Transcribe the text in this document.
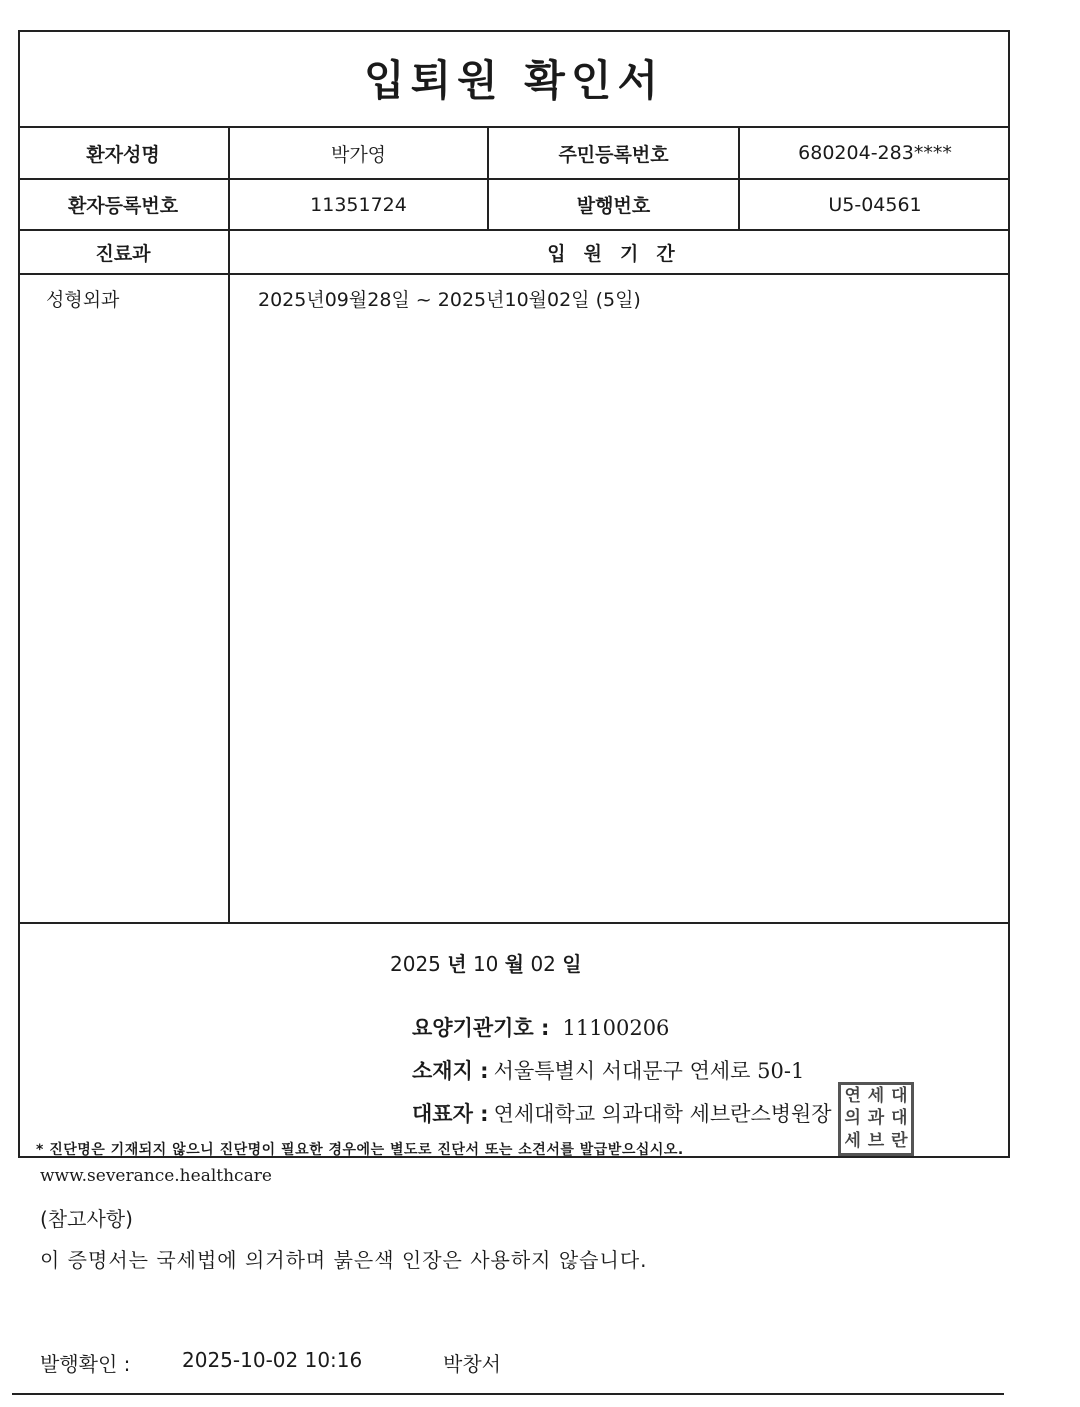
입퇴원 확인서
환자성명	박가영	주민등록번호	680204-283****
환자등록번호	11351724	발행번호	U5-04561
진료과	입원기간
성형외과	2025년09월28일 ~ 2025년10월02일 (5일)
2025 년 10 월 02 일
요양기관기호 : 11100206
소재지 : 서울특별시 서대문구 연세로 50-1
대표자 : 연세대학교 의과대학 세브란스병원장
연 세 대
의 과 대
세 브 란
* 진단명은 기재되지 않으니 진단명이 필요한 경우에는 별도로 진단서 또는 소견서를 발급받으십시오.
www.severance.healthcare
(참고사항)
이 증명서는 국세법에 의거하며 붉은색 인장은 사용하지 않습니다.
발행확인 :	2025-10-02 10:16	박창서
